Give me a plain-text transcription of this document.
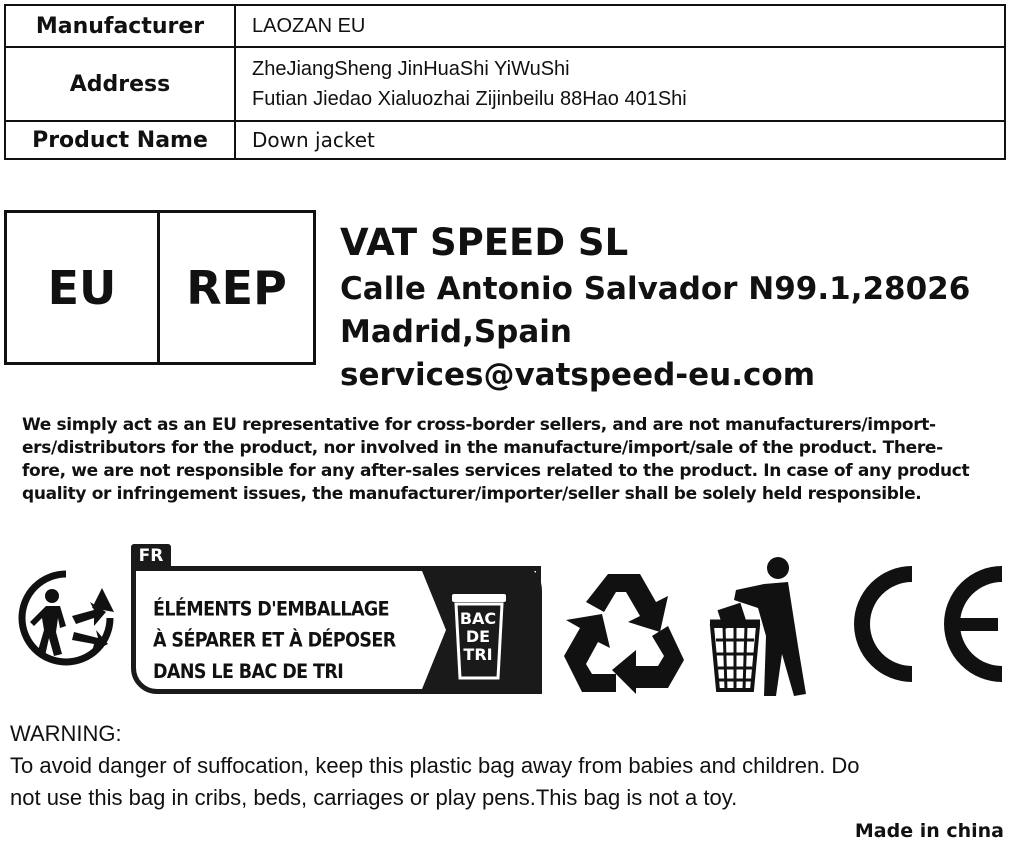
Manufacturer	LAOZAN EU
Address	ZheJiangSheng JinHuaShi YiWuShi
Futian Jiedao Xialuozhai Zijinbeilu 88Hao 401Shi

Product Name	Down jacket
EU	REP
VAT SPEED SL
Calle Antonio Salvador N99.1,28026
Madrid,Spain
services@vatspeed-eu.com
We simply act as an EU representative for cross-border sellers, and are not manufacturers/import-
ers/distributors for the product, nor involved in the manufacture/import/sale of the product. There-
fore, we are not responsible for any after-sales services related to the product. In case of any product
quality or infringement issues, the manufacturer/importer/seller shall be solely held responsible.
FR
ÉLÉMENTS D'EMBALLAGE
À SÉPARER ET À DÉPOSER
DANS LE BAC DE TRI
BAC
DE
TRI
WARNING:
To avoid danger of suffocation, keep this plastic bag away from babies and children. Do
not use this bag in cribs, beds, carriages or play pens.This bag is not a toy.
Made in china
